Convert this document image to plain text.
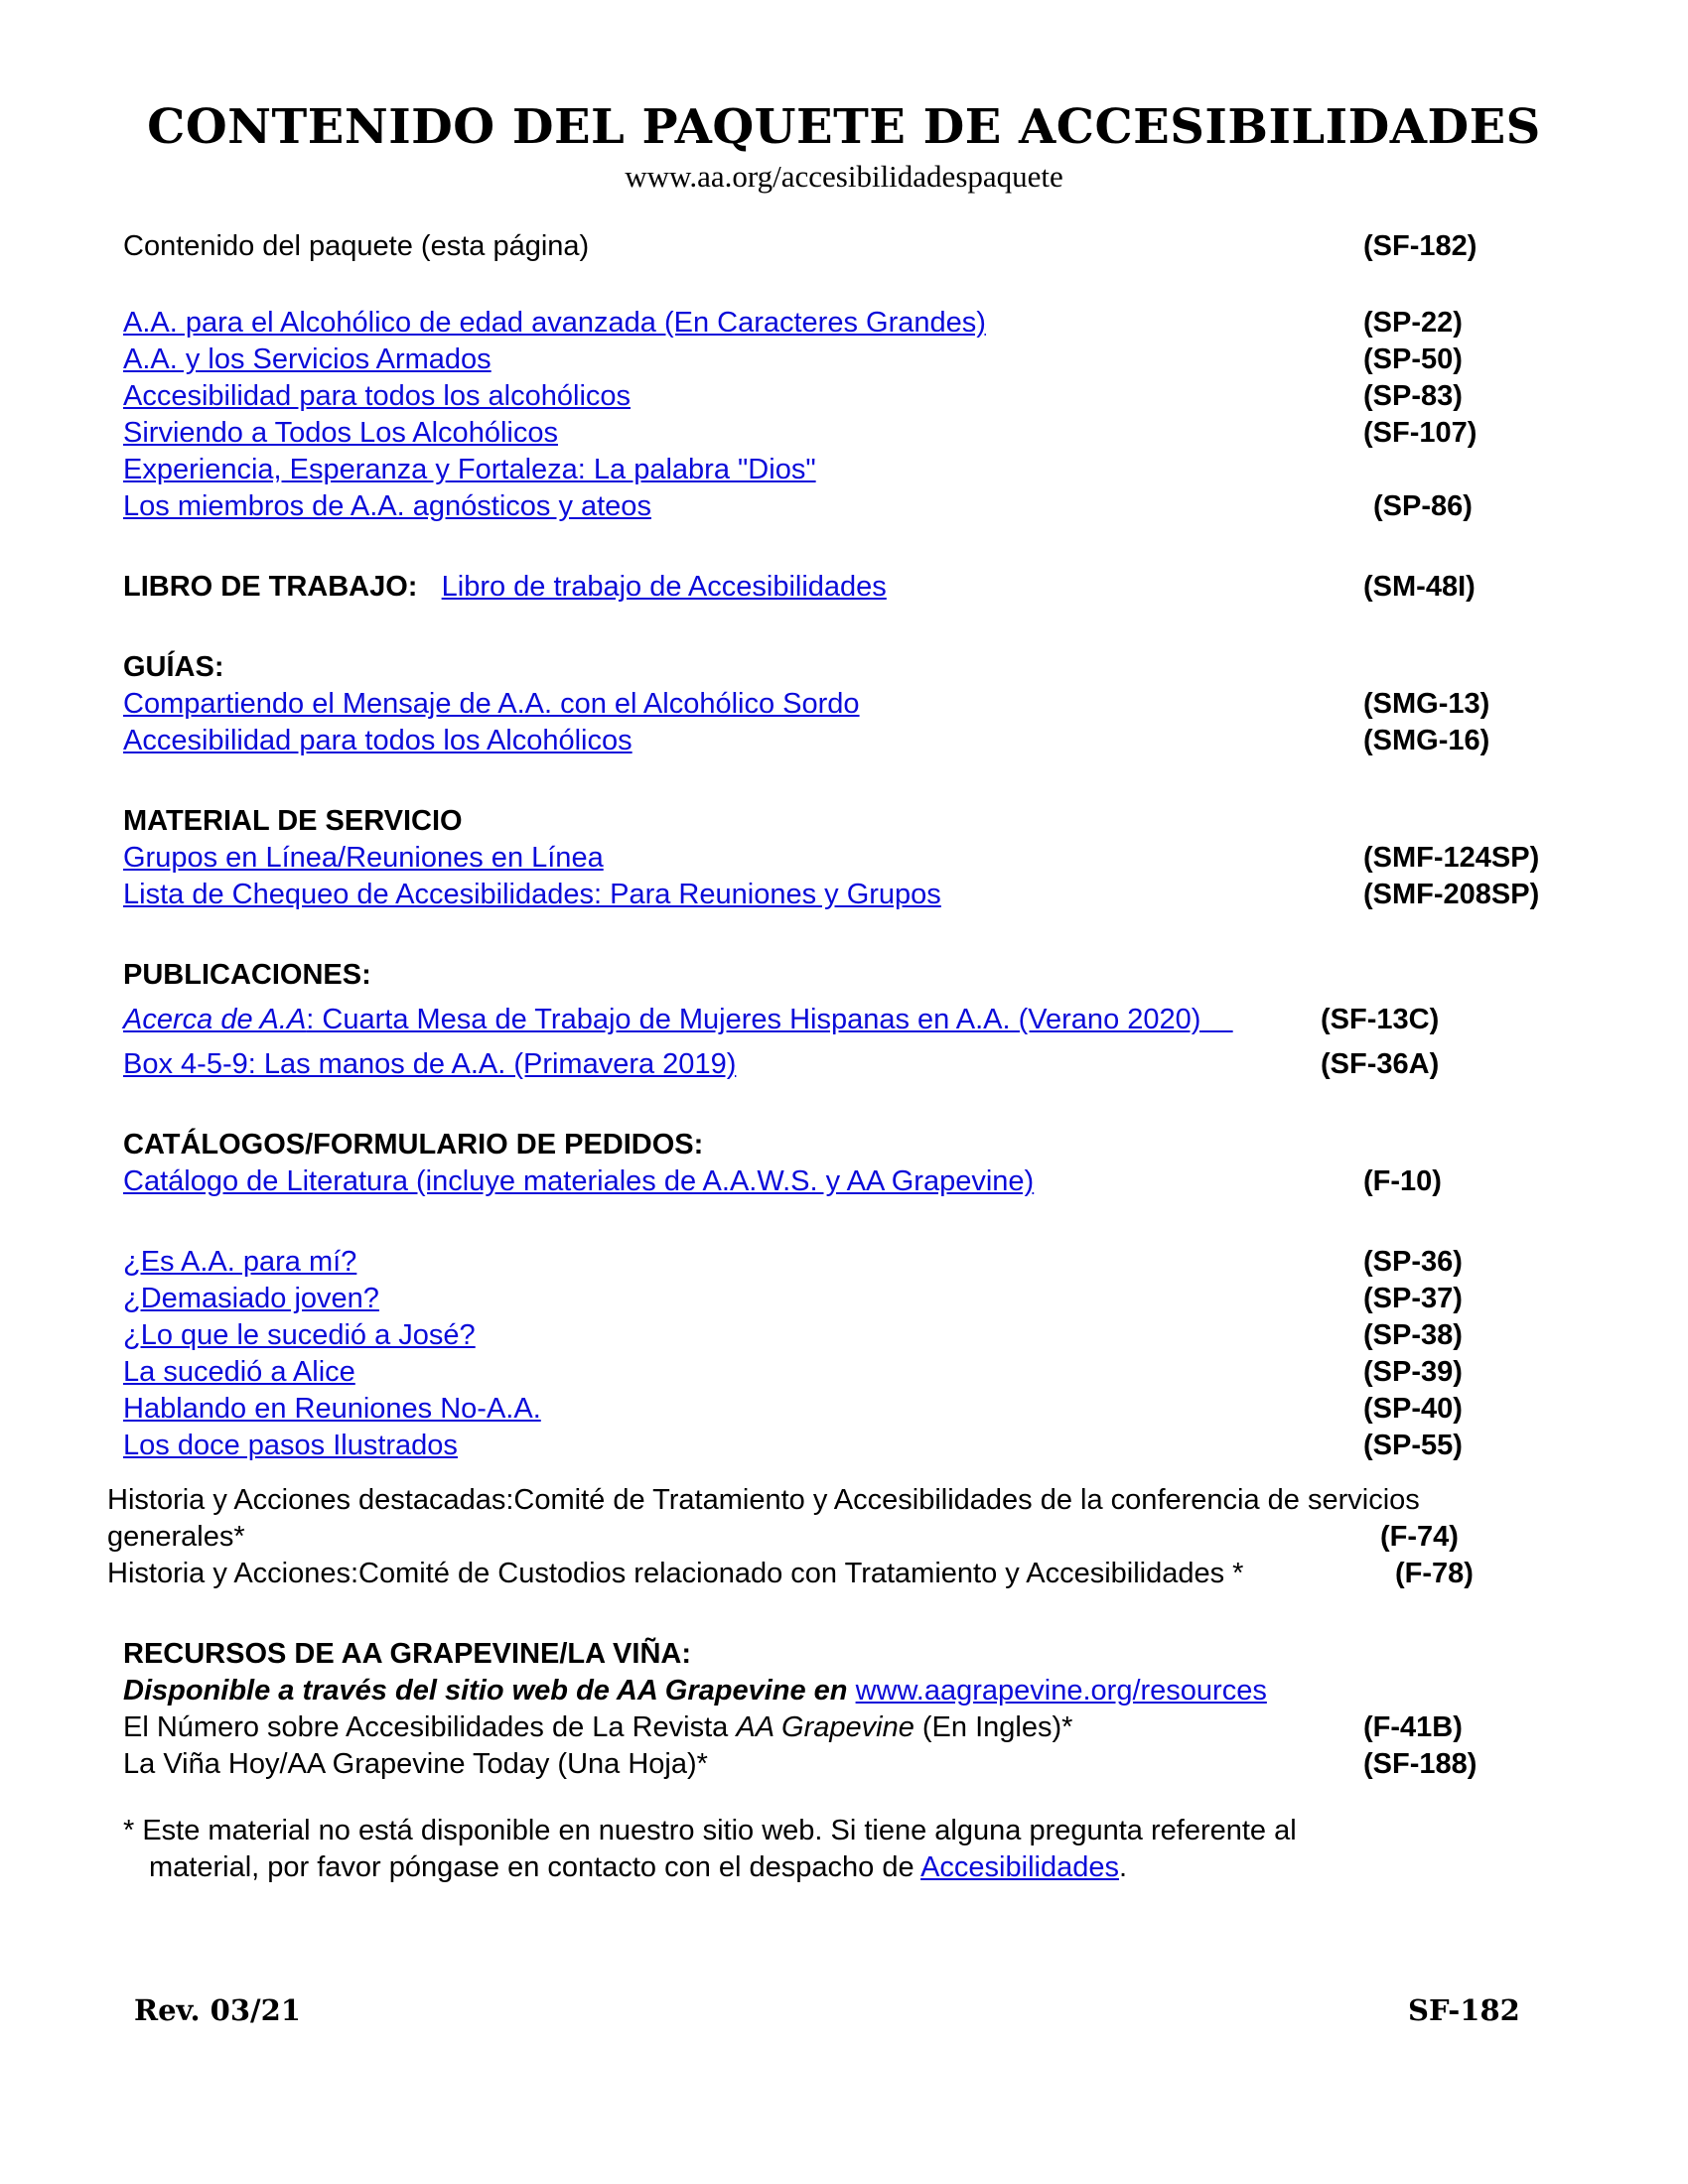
CONTENIDO DEL PAQUETE DE ACCESIBILIDADES
www.aa.org/accesibilidadespaquete
Contenido del paquete (esta página)	(SF-182)
A.A. para el Alcohólico de edad avanzada (En Caracteres Grandes)	(SP-22)
A.A. y los Servicios Armados	(SP-50)
Accesibilidad para todos los alcohólicos	(SP-83)
Sirviendo a Todos Los Alcohólicos	(SF-107)
Experiencia, Esperanza y Fortaleza: La palabra "Dios"
Los miembros de A.A. agnósticos y ateos	(SP-86)
LIBRO DE TRABAJO: Libro de trabajo de Accesibilidades	(SM-48I)
GUÍAS:
Compartiendo el Mensaje de A.A. con el Alcohólico Sordo	(SMG-13)
Accesibilidad para todos los Alcohólicos	(SMG-16)
MATERIAL DE SERVICIO
Grupos en Línea/Reuniones en Línea	(SMF-124SP)
Lista de Chequeo de Accesibilidades: Para Reuniones y Grupos	(SMF-208SP)
PUBLICACIONES:
Acerca de A.A: Cuarta Mesa de Trabajo de Mujeres Hispanas en A.A. (Verano 2020)	(SF-13C)
Box 4-5-9: Las manos de A.A. (Primavera 2019)	(SF-36A)
CATÁLOGOS/FORMULARIO DE PEDIDOS:
Catálogo de Literatura (incluye materiales de A.A.W.S. y AA Grapevine)	(F-10)
¿Es A.A. para mí?	(SP-36)
¿Demasiado joven?	(SP-37)
¿Lo que le sucedió a José?	(SP-38)
La sucedió a Alice	(SP-39)
Hablando en Reuniones No-A.A.	(SP-40)
Los doce pasos Ilustrados	(SP-55)
Historia y Acciones destacadas:Comité de Tratamiento y Accesibilidades de la conferencia de servicios
generales*	(F-74)
Historia y Acciones:Comité de Custodios relacionado con Tratamiento y Accesibilidades *	(F-78)
RECURSOS DE AA GRAPEVINE/LA VIÑA:
Disponible a través del sitio web de AA Grapevine en www.aagrapevine.org/resources
El Número sobre Accesibilidades de La Revista AA Grapevine (En Ingles)*	(F-41B)
La Viña Hoy/AA Grapevine Today (Una Hoja)*	(SF-188)
* Este material no está disponible en nuestro sitio web. Si tiene alguna pregunta referente al
material, por favor póngase en contacto con el despacho de Accesibilidades.
Rev. 03/21	SF-182
